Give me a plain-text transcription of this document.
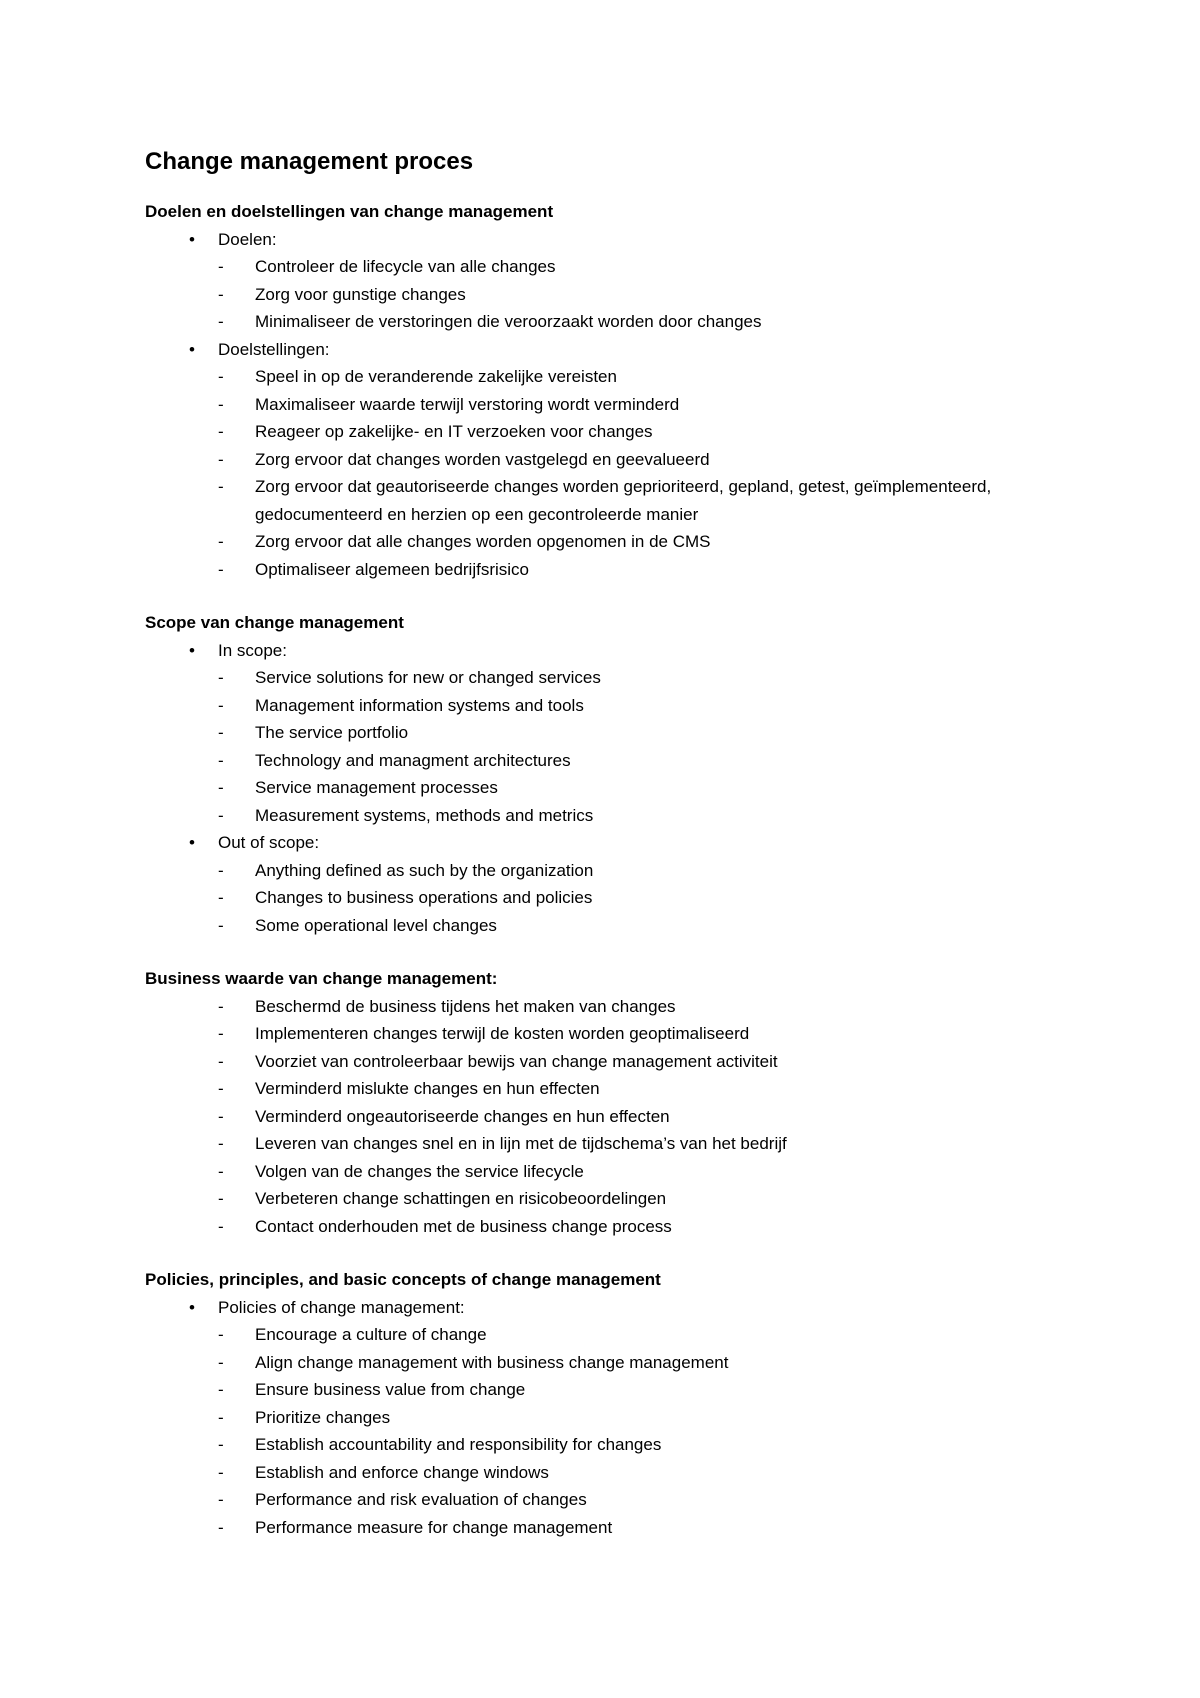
Change management proces
Doelen en doelstellingen van change management
• Doelen:
- Controleer de lifecycle van alle changes
- Zorg voor gunstige changes
- Minimaliseer de verstoringen die veroorzaakt worden door changes
• Doelstellingen:
- Speel in op de veranderende zakelijke vereisten
- Maximaliseer waarde terwijl verstoring wordt verminderd
- Reageer op zakelijke- en IT verzoeken voor changes
- Zorg ervoor dat changes worden vastgelegd en geevalueerd
- Zorg ervoor dat geautoriseerde changes worden geprioriteerd, gepland, getest, geïmplementeerd, gedocumenteerd en herzien op een gecontroleerde manier
- Zorg ervoor dat alle changes worden opgenomen in de CMS
- Optimaliseer algemeen bedrijfsrisico
Scope van change management
• In scope:
- Service solutions for new or changed services
- Management information systems and tools
- The service portfolio
- Technology and managment architectures
- Service management processes
- Measurement systems, methods and metrics
• Out of scope:
- Anything defined as such by the organization
- Changes to business operations and policies
- Some operational level changes
Business waarde van change management:
- Beschermd de business tijdens het maken van changes
- Implementeren changes terwijl de kosten worden geoptimaliseerd
- Voorziet van controleerbaar bewijs van change management activiteit
- Verminderd mislukte changes en hun effecten
- Verminderd ongeautoriseerde changes en hun effecten
- Leveren van changes snel en in lijn met de tijdschema’s van het bedrijf
- Volgen van de changes the service lifecycle
- Verbeteren change schattingen en risicobeoordelingen
- Contact onderhouden met de business change process
Policies, principles, and basic concepts of change management
• Policies of change management:
- Encourage a culture of change
- Align change management with business change management
- Ensure business value from change
- Prioritize changes
- Establish accountability and responsibility for changes
- Establish and enforce change windows
- Performance and risk evaluation of changes
- Performance measure for change management
